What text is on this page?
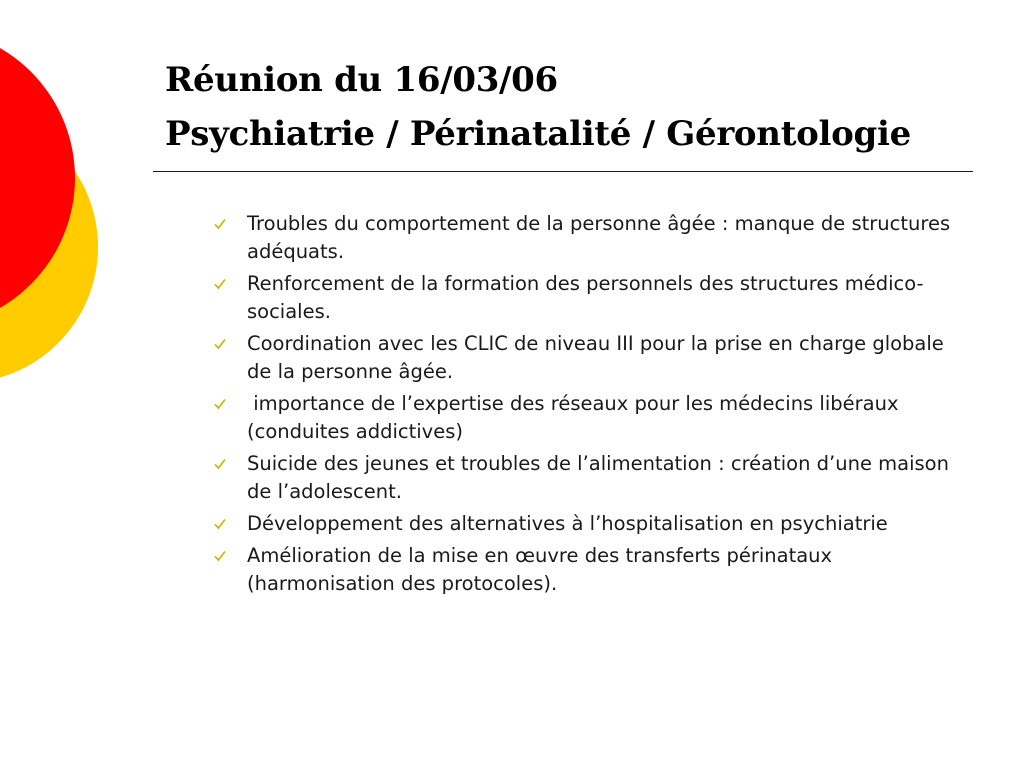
Réunion du 16/03/06
Psychiatrie / Périnatalité / Gérontologie
Troubles du comportement de la personne âgée : manque de structures adéquats.
Renforcement de la formation des personnels des structures médico-sociales.
Coordination avec les CLIC de niveau III pour la prise en charge globale de la personne âgée.
importance de l’expertise des réseaux pour les médecins libéraux (conduites addictives)
Suicide des jeunes et troubles de l’alimentation : création d’une maison de l’adolescent.
Développement des alternatives à l’hospitalisation en psychiatrie
Amélioration de la mise en œuvre des transferts périnataux (harmonisation des protocoles).
